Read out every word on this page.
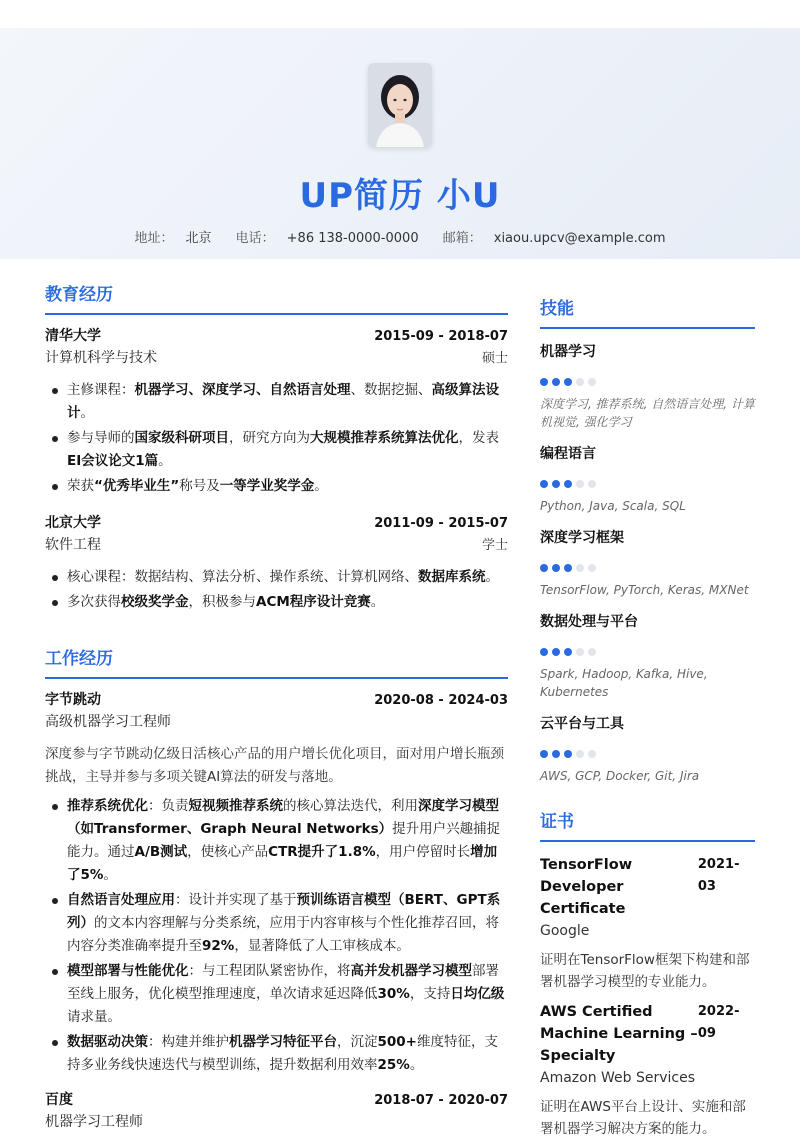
UP简历 小U
地址： 北京 电话： +86 138-0000-0000 邮箱： xiaou.upcv@example.com
教育经历
清华大学	2015-09 - 2018-07
计算机科学与技术	硕士
主修课程：机器学习、深度学习、自然语言处理、数据挖掘、高级算法设计。
参与导师的国家级科研项目，研究方向为大规模推荐系统算法优化，发表EI会议论文1篇。
荣获“优秀毕业生”称号及一等学业奖学金。
北京大学	2011-09 - 2015-07
软件工程	学士
核心课程：数据结构、算法分析、操作系统、计算机网络、数据库系统。
多次获得校级奖学金，积极参与ACM程序设计竞赛。
工作经历
字节跳动	2020-08 - 2024-03
高级机器学习工程师
深度参与字节跳动亿级日活核心产品的用户增长优化项目，面对用户增长瓶颈挑战，主导并参与多项关键AI算法的研发与落地。
推荐系统优化：负责短视频推荐系统的核心算法迭代，利用深度学习模型（如Transformer、Graph Neural Networks）提升用户兴趣捕捉能力。通过A/B测试，使核心产品CTR提升了1.8%，用户停留时长增加了5%。
自然语言处理应用：设计并实现了基于预训练语言模型（BERT、GPT系列）的文本内容理解与分类系统，应用于内容审核与个性化推荐召回，将内容分类准确率提升至92%，显著降低了人工审核成本。
模型部署与性能优化：与工程团队紧密协作，将高并发机器学习模型部署至线上服务，优化模型推理速度，单次请求延迟降低30%，支持日均亿级请求量。
数据驱动决策：构建并维护机器学习特征平台，沉淀500+维度特征，支持多业务线快速迭代与模型训练，提升数据利用效率25%。
百度	2018-07 - 2020-07
机器学习工程师
技能
机器学习
深度学习, 推荐系统, 自然语言处理, 计算机视觉, 强化学习
编程语言
Python, Java, Scala, SQL
深度学习框架
TensorFlow, PyTorch, Keras, MXNet
数据处理与平台
Spark, Hadoop, Kafka, Hive, Kubernetes
云平台与工具
AWS, GCP, Docker, Git, Jira
证书
TensorFlow Developer Certificate
2021-03
Google
证明在TensorFlow框架下构建和部署机器学习模型的专业能力。
AWS Certified Machine Learning – Specialty
2022-09
Amazon Web Services
证明在AWS平台上设计、实施和部署机器学习解决方案的能力。
